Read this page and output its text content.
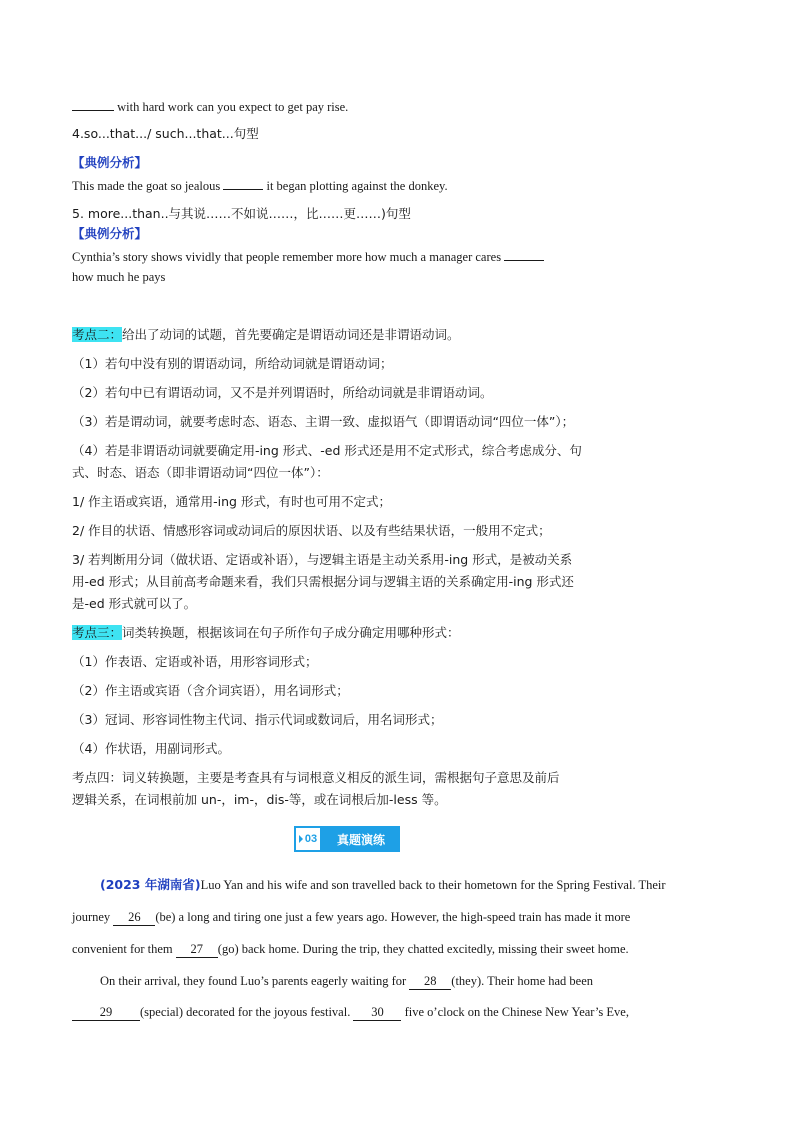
with hard work can you expect to get pay rise.
4.so...that.../ such...that...句型
【典例分析】
This made the goat so jealous	it began plotting against the donkey.
5. more...than..与其说……不如说……，比……更……)句型
【典例分析】
Cynthia’s story shows vividly that people remember more how much a manager cares
how much he pays
考点二：给出了动词的试题，首先要确定是谓语动词还是非谓语动词。
（1）若句中没有别的谓语动词，所给动词就是谓语动词；
（2）若句中已有谓语动词，又不是并列谓语时，所给动词就是非谓语动词。
（3）若是谓动词，就要考虑时态、语态、主谓一致、虚拟语气（即谓语动词“四位一体”）；
（4）若是非谓语动词就要确定用-ing 形式、-ed 形式还是用不定式形式，综合考虑成分、句
式、时态、语态（即非谓语动词“四位一体”）：
1/ 作主语或宾语，通常用-ing 形式，有时也可用不定式；
2/ 作目的状语、情感形容词或动词后的原因状语、以及有些结果状语，一般用不定式；
3/ 若判断用分词（做状语、定语或补语），与逻辑主语是主动关系用-ing 形式，是被动关系
用-ed 形式；从目前高考命题来看，我们只需根据分词与逻辑主语的关系确定用-ing 形式还
是-ed 形式就可以了。
考点三：词类转换题，根据该词在句子所作句子成分确定用哪种形式：
（1）作表语、定语或补语，用形容词形式；
（2）作主语或宾语（含介词宾语），用名词形式；
（3）冠词、形容词性物主代词、指示代词或数词后，用名词形式；
（4）作状语，用副词形式。
考点四：词义转换题，主要是考查具有与词根意义相反的派生词，需根据句子意思及前后
逻辑关系，在词根前加 un-，im-，dis-等，或在词根后加-less 等。
03	真题演练
(2023 年湖南省)Luo Yan and his wife and son travelled back to their hometown for the Spring Festival. Their
journey 26 (be) a long and tiring one just a few years ago. However, the high-speed train has made it more
convenient for them 27 (go) back home. During the trip, they chatted excitedly, missing their sweet home.
On their arrival, they found Luo’s parents eagerly waiting for 28 (they). Their home had been
29 (special) decorated for the joyous festival. 30 five o’clock on the Chinese New Year’s Eve,
